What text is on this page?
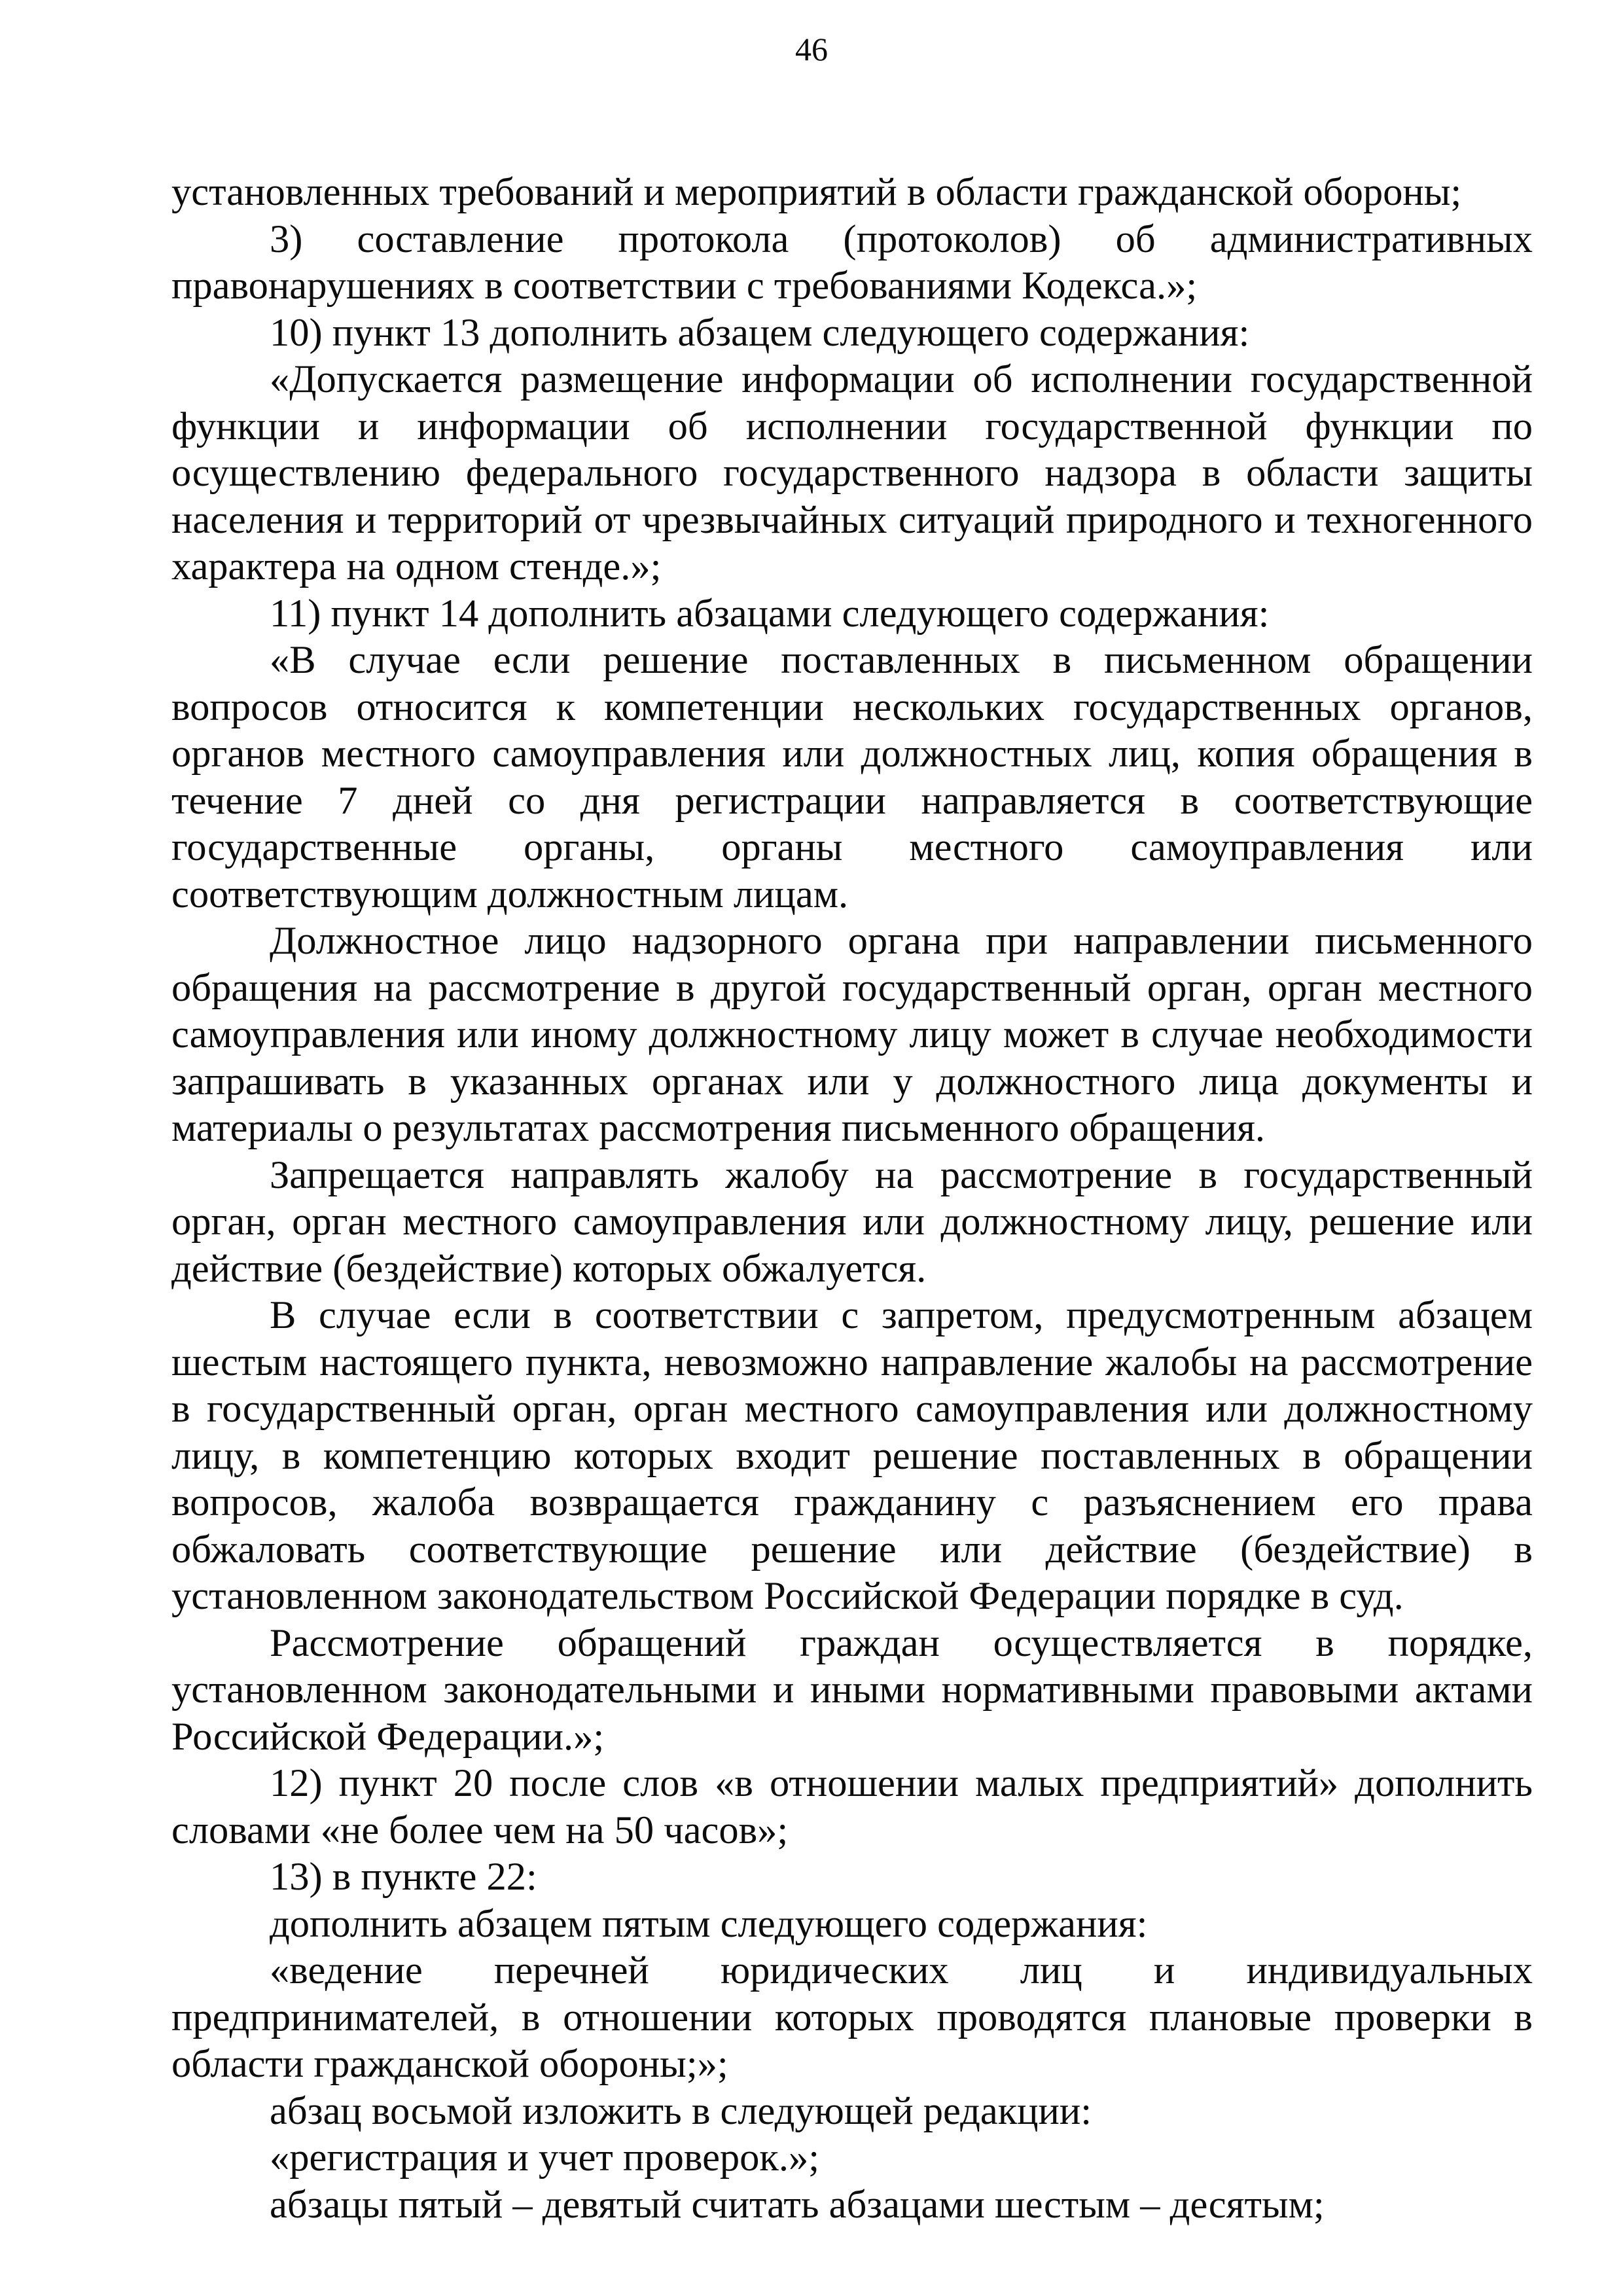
46

установленных требований и мероприятий в области гражданской обороны;

3) составление протокола (протоколов) об административных правонарушениях в соответствии с требованиями Кодекса.»;

10) пункт 13 дополнить абзацем следующего содержания:

«Допускается размещение информации об исполнении государственной функции и информации об исполнении государственной функции по осуществлению федерального государственного надзора в области защиты населения и территорий от чрезвычайных ситуаций природного и техногенного характера на одном стенде.»;

11) пункт 14 дополнить абзацами следующего содержания:

«В случае если решение поставленных в письменном обращении вопросов относится к компетенции нескольких государственных органов, органов местного самоуправления или должностных лиц, копия обращения в течение 7 дней со дня регистрации направляется в соответствующие государственные органы, органы местного самоуправления или соответствующим должностным лицам.

Должностное лицо надзорного органа при направлении письменного обращения на рассмотрение в другой государственный орган, орган местного самоуправления или иному должностному лицу может в случае необходимости запрашивать в указанных органах или у должностного лица документы и материалы о результатах рассмотрения письменного обращения.

Запрещается направлять жалобу на рассмотрение в государственный орган, орган местного самоуправления или должностному лицу, решение или действие (бездействие) которых обжалуется.

В случае если в соответствии с запретом, предусмотренным абзацем шестым настоящего пункта, невозможно направление жалобы на рассмотрение в государственный орган, орган местного самоуправления или должностному лицу, в компетенцию которых входит решение поставленных в обращении вопросов, жалоба возвращается гражданину с разъяснением его права обжаловать соответствующие решение или действие (бездействие) в установленном законодательством Российской Федерации порядке в суд.

Рассмотрение обращений граждан осуществляется в порядке, установленном законодательными и иными нормативными правовыми актами Российской Федерации.»;

12) пункт 20 после слов «в отношении малых предприятий» дополнить словами «не более чем на 50 часов»;

13) в пункте 22:

дополнить абзацем пятым следующего содержания:

«ведение перечней юридических лиц и индивидуальных предпринимателей, в отношении которых проводятся плановые проверки в области гражданской обороны;»;

абзац восьмой изложить в следующей редакции:

«регистрация и учет проверок.»;

абзацы пятый – девятый считать абзацами шестым – десятым;
